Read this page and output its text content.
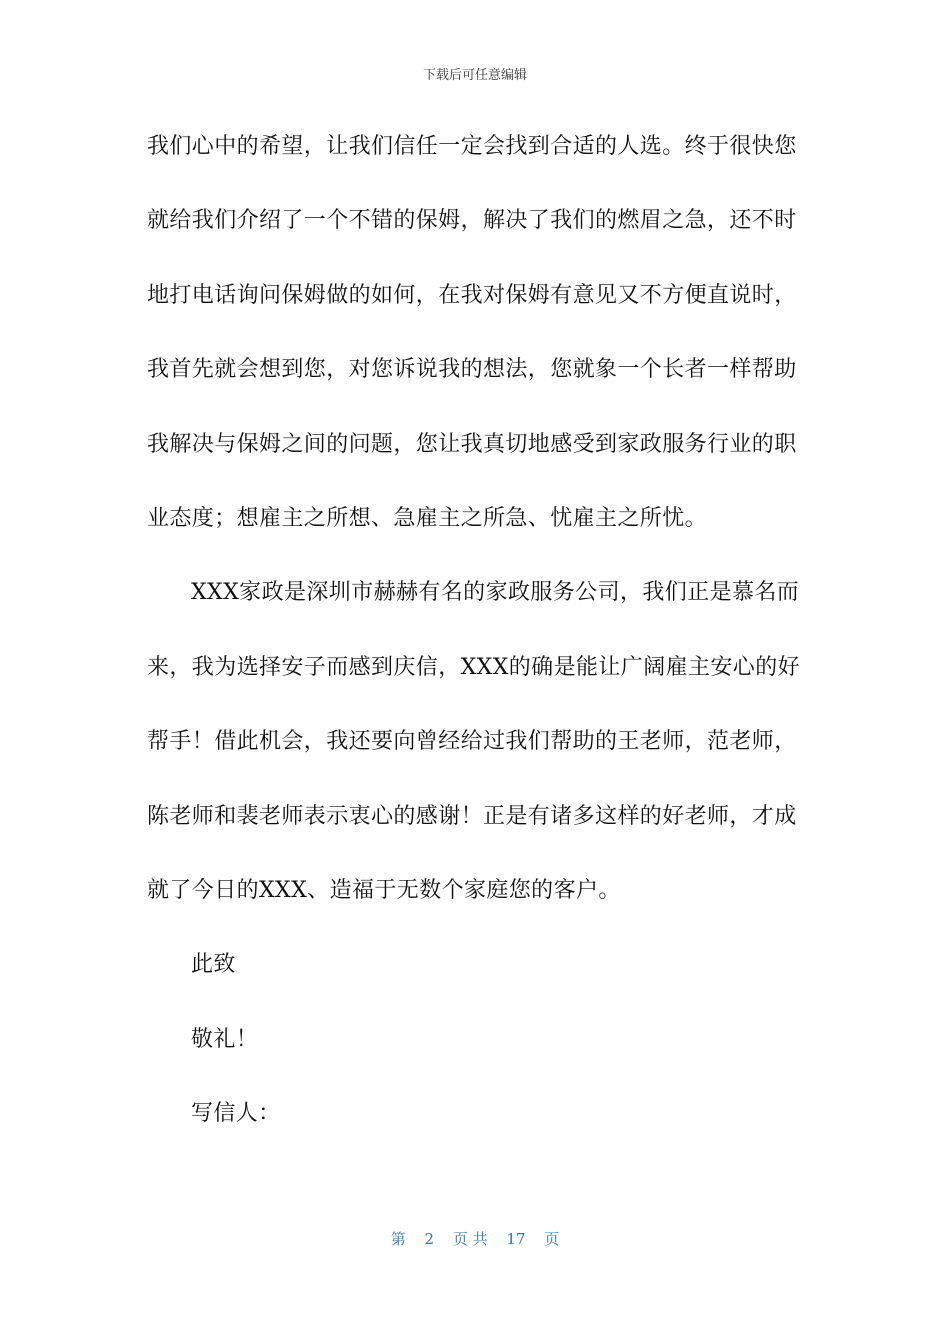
下载后可任意编辑
我们心中的希望，让我们信任一定会找到合适的人选。终于很快您
就给我们介绍了一个不错的保姆，解决了我们的燃眉之急，还不时
地打电话询问保姆做的如何，在我对保姆有意见又不方便直说时，
我首先就会想到您，对您诉说我的想法，您就象一个长者一样帮助
我解决与保姆之间的问题，您让我真切地感受到家政服务行业的职
业态度；想雇主之所想、急雇主之所急、忧雇主之所忧。
XXX家政是深圳市赫赫有名的家政服务公司，我们正是慕名而
来，我为选择安子而感到庆信，XXX的确是能让广阔雇主安心的好
帮手！借此机会，我还要向曾经给过我们帮助的王老师，范老师，
陈老师和裴老师表示衷心的感谢！正是有诸多这样的好老师，才成
就了今日的XXX、造福于无数个家庭您的客户。
此致
敬礼！
写信人：
第 2 页 共 17 页
